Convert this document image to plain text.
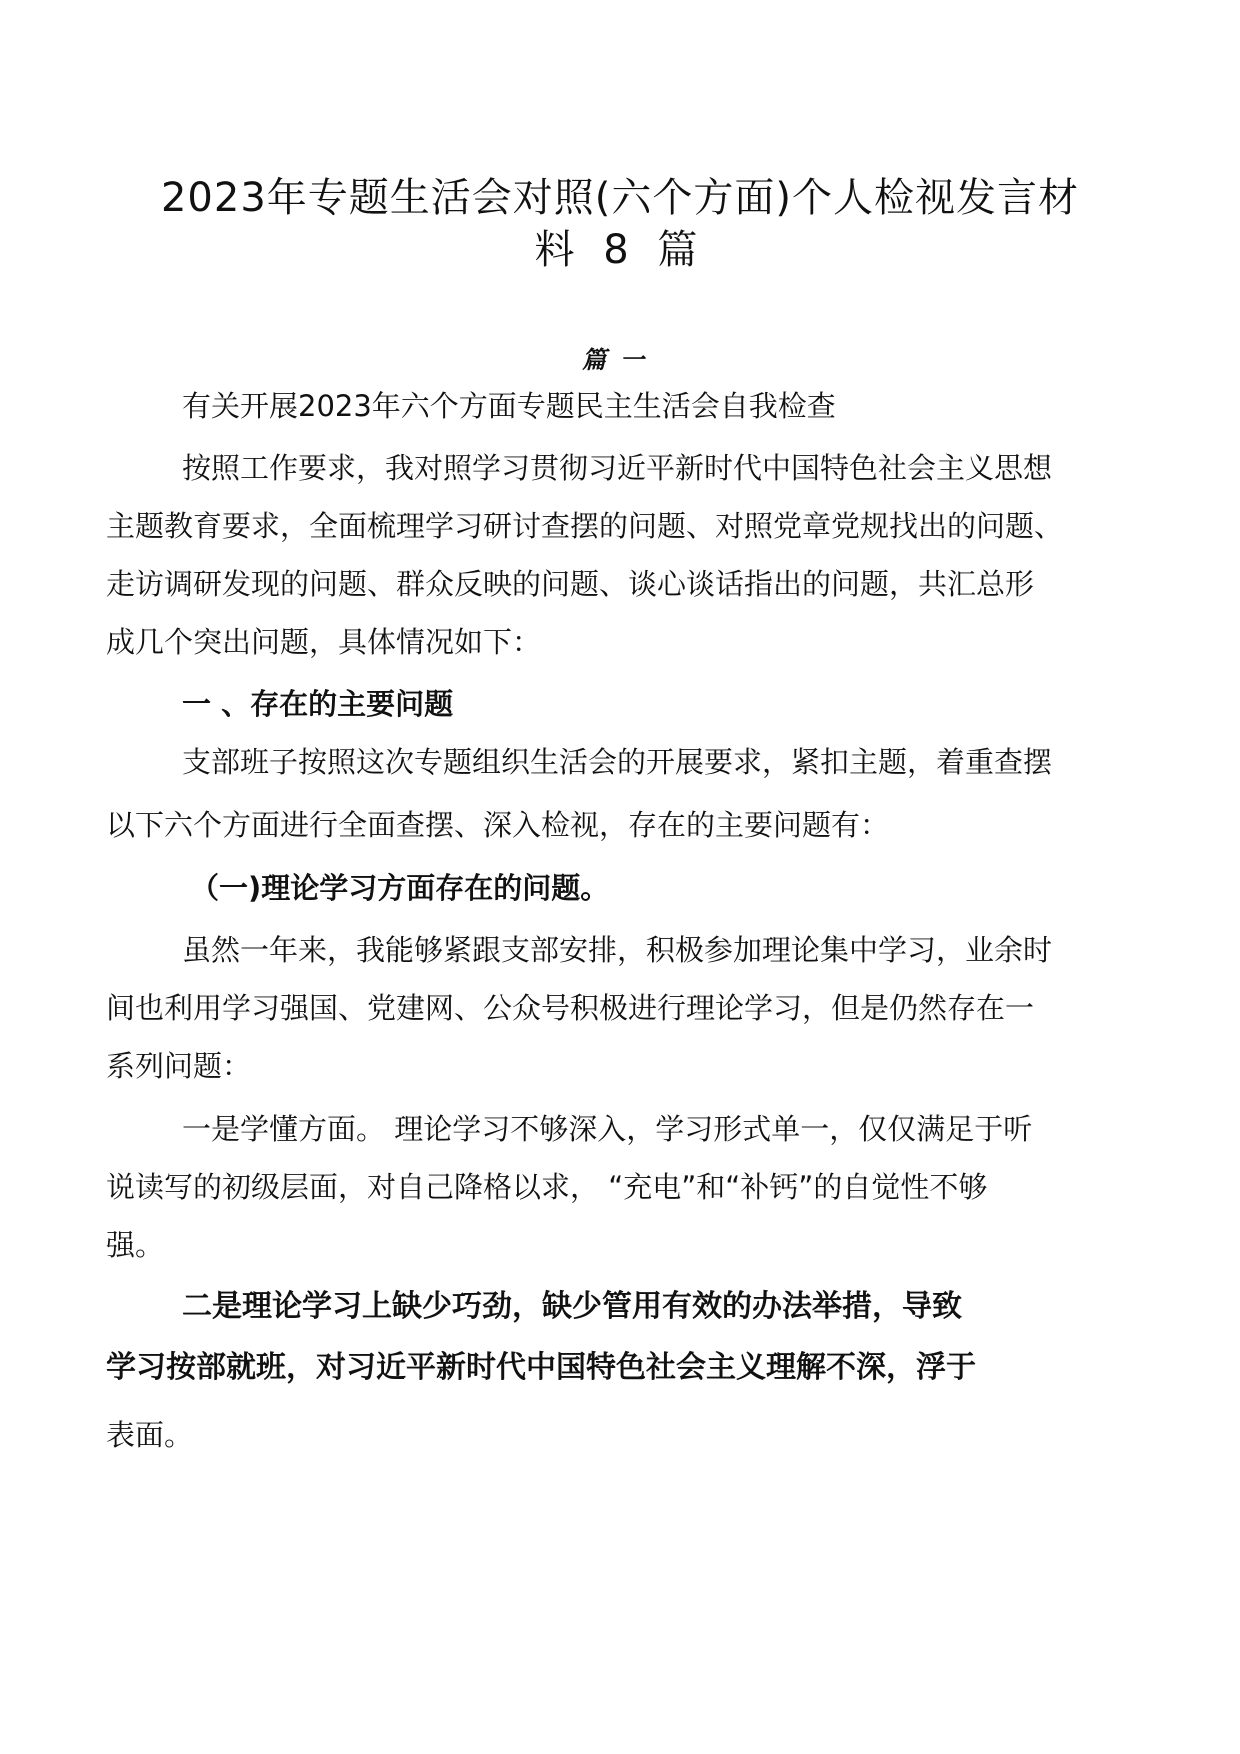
2023年专题生活会对照(六个方面)个人检视发言材
料 8 篇
篇一
有关开展2023年六个方面专题民主生活会自我检查
按照工作要求，我对照学习贯彻习近平新时代中国特色社会主义思想
主题教育要求，全面梳理学习研讨查摆的问题、对照党章党规找出的问题、
走访调研发现的问题、群众反映的问题、谈心谈话指出的问题，共汇总形
成几个突出问题，具体情况如下：
一 、存在的主要问题
支部班子按照这次专题组织生活会的开展要求，紧扣主题，着重查摆
以下六个方面进行全面查摆、深入检视，存在的主要问题有：
（一)理论学习方面存在的问题。
虽然一年来，我能够紧跟支部安排，积极参加理论集中学习，业余时
间也利用学习强国、党建网、公众号积极进行理论学习，但是仍然存在一
系列问题：
一是学懂方面。 理论学习不够深入，学习形式单一，仅仅满足于听
说读写的初级层面，对自己降格以求， “充电”和“补钙”的自觉性不够
强。
二是理论学习上缺少巧劲，缺少管用有效的办法举措，导致
学习按部就班，对习近平新时代中国特色社会主义理解不深，浮于
表面。
